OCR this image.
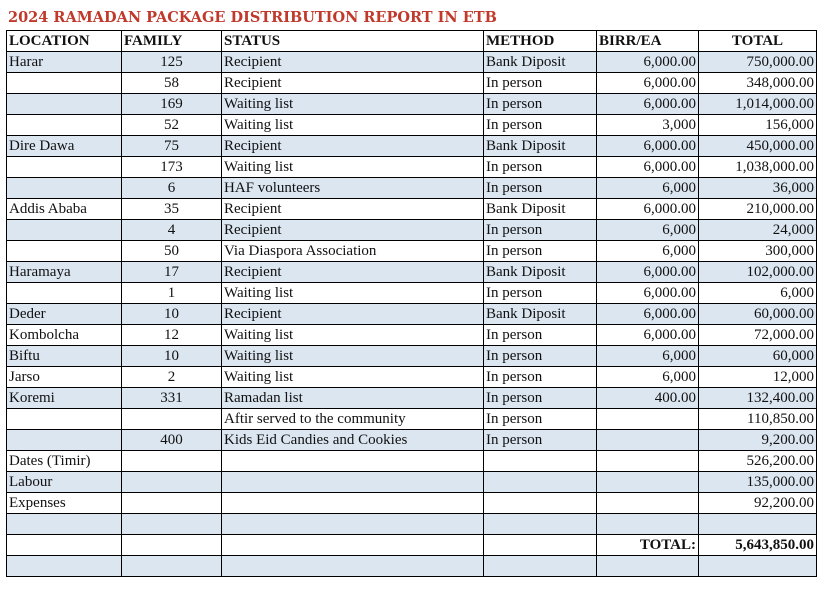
2024 RAMADAN PACKAGE DISTRIBUTION REPORT IN ETB
LOCATION	FAMILY	STATUS	METHOD	BIRR/EA	TOTAL
Harar	125	Recipient	Bank Diposit	6,000.00	750,000.00
	58	Recipient	In person	6,000.00	348,000.00
	169	Waiting list	In person	6,000.00	1,014,000.00
	52	Waiting list	In person	3,000	156,000
Dire Dawa	75	Recipient	Bank Diposit	6,000.00	450,000.00
	173	Waiting list	In person	6,000.00	1,038,000.00
	6	HAF volunteers	In person	6,000	36,000
Addis Ababa	35	Recipient	Bank Diposit	6,000.00	210,000.00
	4	Recipient	In person	6,000	24,000
	50	Via Diaspora Association	In person	6,000	300,000
Haramaya	17	Recipient	Bank Diposit	6,000.00	102,000.00
	1	Waiting list	In person	6,000.00	6,000
Deder	10	Recipient	Bank Diposit	6,000.00	60,000.00
Kombolcha	12	Waiting list	In person	6,000.00	72,000.00
Biftu	10	Waiting list	In person	6,000	60,000
Jarso	2	Waiting list	In person	6,000	12,000
Koremi	331	Ramadan list	In person	400.00	132,400.00
		Aftir served to the community	In person		110,850.00
	400	Kids Eid Candies and Cookies	In person		9,200.00
Dates (Timir)					526,200.00
Labour					135,000.00
Expenses					92,200.00

				TOTAL:	5,643,850.00
